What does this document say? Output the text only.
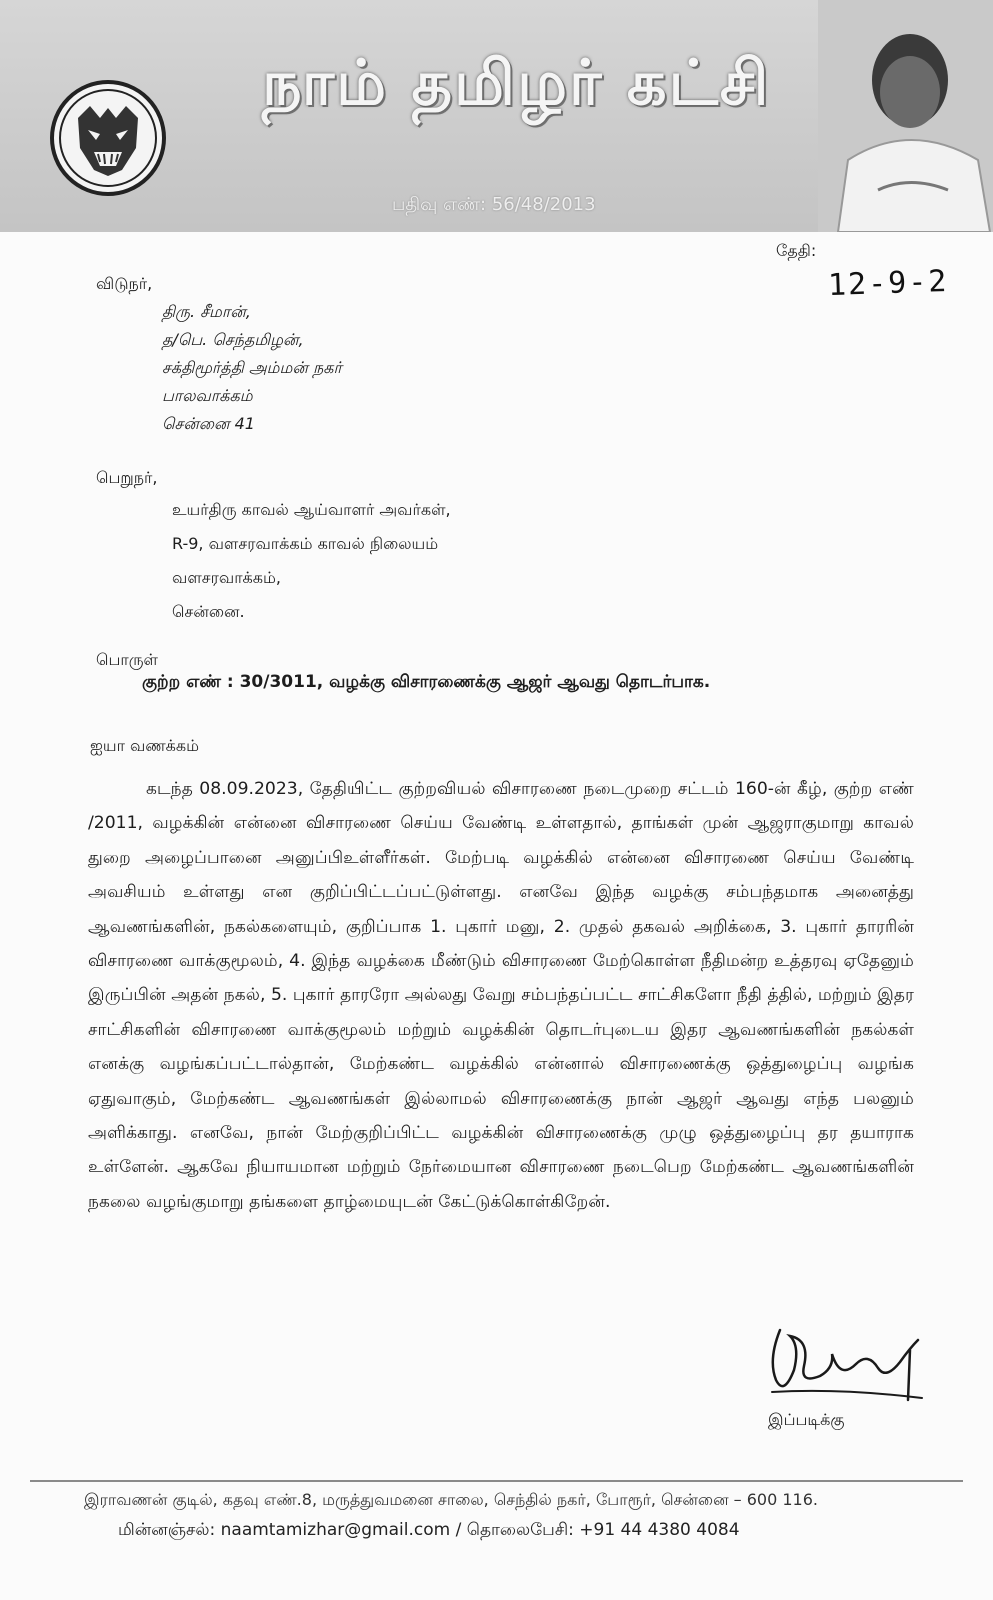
நாம் தமிழர் கட்சி
பதிவு எண்: 56/48/2013
தேதி:
12-9-2
விடுநர்,
திரு. சீமான்,
த/பெ. செந்தமிழன்,
சக்திமூர்த்தி அம்மன் நகர்
பாலவாக்கம்
சென்னை 41
பெறுநர்,
உயர்திரு காவல் ஆய்வாளர் அவர்கள்,
R-9, வளசரவாக்கம் காவல் நிலையம்
வளசரவாக்கம்,
சென்னை.
பொருள்
குற்ற எண் : 30/3011, வழக்கு விசாரணைக்கு ஆஜர் ஆவது தொடர்பாக.
ஐயா வணக்கம்
கடந்த 08.09.2023, தேதியிட்ட குற்றவியல் விசாரணை நடைமுறை சட்டம் 160-ன் கீழ், குற்ற எண் /2011, வழக்கின் என்னை விசாரணை செய்ய வேண்டி உள்ளதால், தாங்கள் முன் ஆஜராகுமாறு காவல் துறை அழைப்பானை அனுப்பிஉள்ளீர்கள். மேற்படி வழக்கில் என்னை விசாரணை செய்ய வேண்டி அவசியம் உள்ளது என குறிப்பிட்டப்பட்டுள்ளது. எனவே இந்த வழக்கு சம்பந்தமாக அனைத்து ஆவணங்களின், நகல்களையும், குறிப்பாக 1. புகார் மனு, 2. முதல் தகவல் அறிக்கை, 3. புகார் தாரரின் விசாரணை வாக்குமூலம், 4. இந்த வழக்கை மீண்டும் விசாரணை மேற்கொள்ள நீதிமன்ற உத்தரவு ஏதேனும் இருப்பின் அதன் நகல், 5. புகார் தாரரோ அல்லது வேறு சம்பந்தப்பட்ட சாட்சிகளோ நீதி த்தில், மற்றும் இதர சாட்சிகளின் விசாரணை வாக்குமூலம் மற்றும் வழக்கின் தொடர்புடைய இதர ஆவணங்களின் நகல்கள் எனக்கு வழங்கப்பட்டால்தான், மேற்கண்ட வழக்கில் என்னால் விசாரணைக்கு ஒத்துழைப்பு வழங்க ஏதுவாகும், மேற்கண்ட ஆவணங்கள் இல்லாமல் விசாரணைக்கு நான் ஆஜர் ஆவது எந்த பலனும் அளிக்காது. எனவே, நான் மேற்குறிப்பிட்ட வழக்கின் விசாரணைக்கு முழு ஒத்துழைப்பு தர தயாராக உள்ளேன். ஆகவே நியாயமான மற்றும் நேர்மையான விசாரணை நடைபெற மேற்கண்ட ஆவணங்களின் நகலை வழங்குமாறு தங்களை தாழ்மையுடன் கேட்டுக்கொள்கிறேன்.
இப்படிக்கு
இராவணன் குடில், கதவு எண்.8, மருத்துவமனை சாலை, செந்தில் நகர், போரூர், சென்னை – 600 116.
மின்னஞ்சல்: naamtamizhar@gmail.com / தொலைபேசி: +91 44 4380 4084
